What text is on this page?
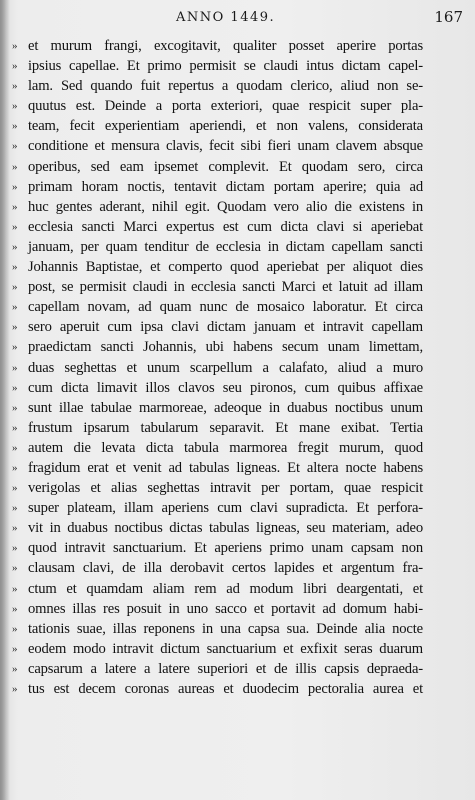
ANNO 1449.	167
» et murum frangi, excogitavit, qualiter posset aperire portas
» ipsius capellae. Et primo permisit se claudi intus dictam capel-
» lam. Sed quando fuit repertus a quodam clerico, aliud non se-
» quutus est. Deinde a porta exteriori, quae respicit super pla-
» team, fecit experientiam aperiendi, et non valens, considerata
» conditione et mensura clavis, fecit sibi fieri unam clavem absque
» operibus, sed eam ipsemet complevit. Et quodam sero, circa
» primam horam noctis, tentavit dictam portam aperire; quia ad
» huc gentes aderant, nihil egit. Quodam vero alio die existens in
» ecclesia sancti Marci expertus est cum dicta clavi si aperiebat
» januam, per quam tenditur de ecclesia in dictam capellam sancti
» Johannis Baptistae, et comperto quod aperiebat per aliquot dies
» post, se permisit claudi in ecclesia sancti Marci et latuit ad illam
» capellam novam, ad quam nunc de mosaico laboratur. Et circa
» sero aperuit cum ipsa clavi dictam januam et intravit capellam
» praedictam sancti Johannis, ubi habens secum unam limettam,
» duas seghettas et unum scarpellum a calafato, aliud a muro
» cum dicta limavit illos clavos seu pironos, cum quibus affixae
» sunt illae tabulae marmoreae, adeoque in duabus noctibus unum
» frustum ipsarum tabularum separavit. Et mane exibat. Tertia
» autem die levata dicta tabula marmorea fregit murum, quod
» fragidum erat et venit ad tabulas ligneas. Et altera nocte habens
» verigolas et alias seghettas intravit per portam, quae respicit
» super plateam, illam aperiens cum clavi supradicta. Et perfora-
» vit in duabus noctibus dictas tabulas ligneas, seu materiam, adeo
» quod intravit sanctuarium. Et aperiens primo unam capsam non
» clausam clavi, de illa derobavit certos lapides et argentum fra-
» ctum et quamdam aliam rem ad modum libri deargentati, et
» omnes illas res posuit in uno sacco et portavit ad domum habi-
» tationis suae, illas reponens in una capsa sua. Deinde alia nocte
» eodem modo intravit dictum sanctuarium et exfixit seras duarum
» capsarum a latere a latere superiori et de illis capsis depraeda-
» tus est decem coronas aureas et duodecim pectoralia aurea et
